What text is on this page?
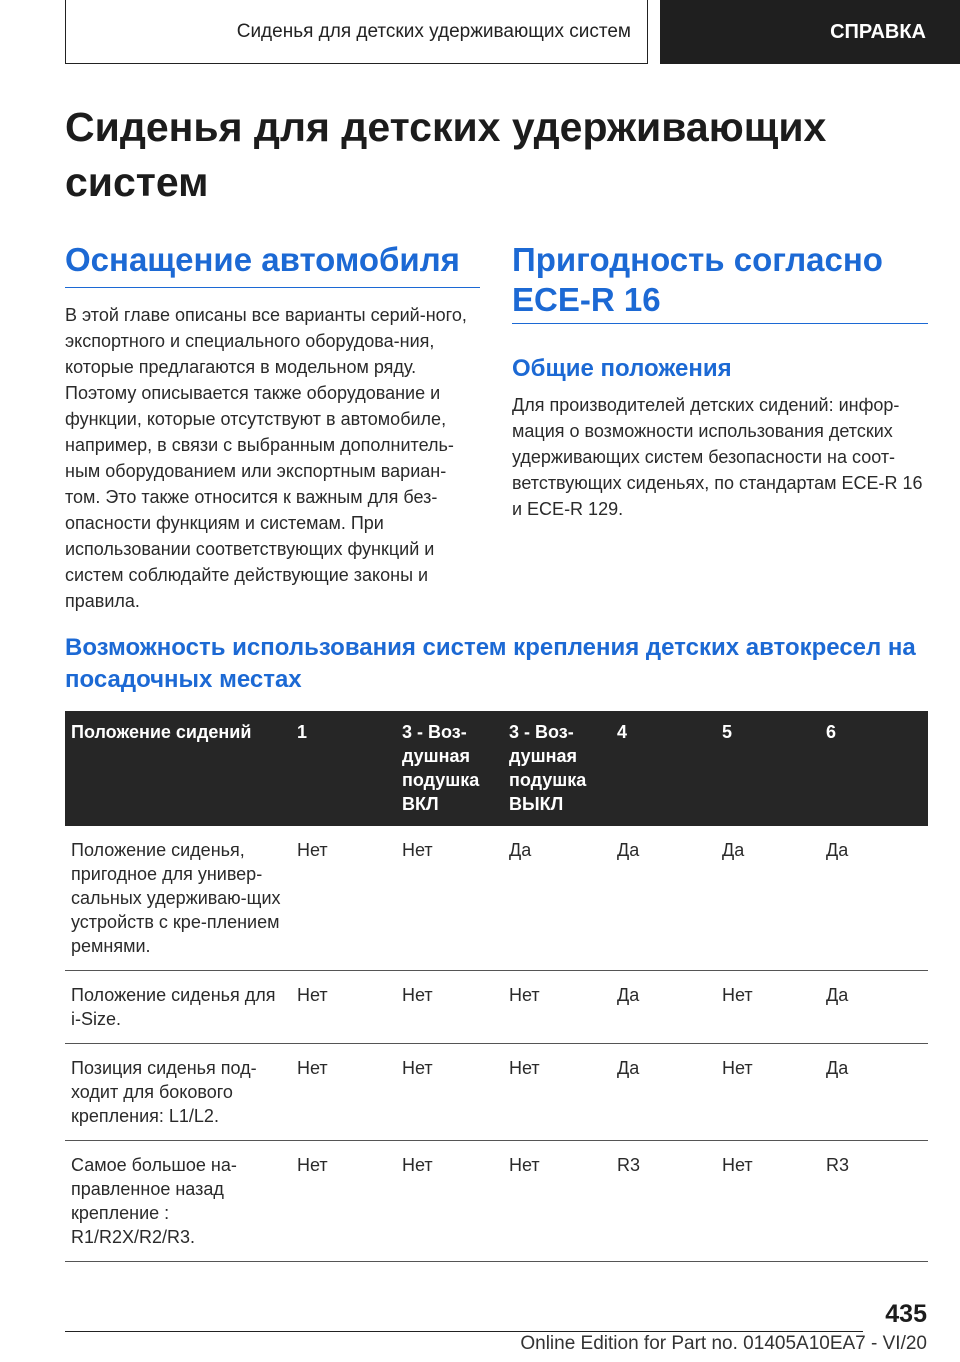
Сиденья для детских удерживающих систем	СПРАВКА
Сиденья для детских удерживающих систем
Оснащение автомобиля

В этой главе описаны все варианты серий-ного, экспортного и специального оборудова-ния, которые предлагаются в модельном ряду. Поэтому описывается также оборудование и функции, которые отсутствуют в автомобиле, например, в связи с выбранным дополнитель-ным оборудованием или экспортным вариан-том. Это также относится к важным для без-опасности функциям и системам. При использовании соответствующих функций и систем соблюдайте действующие законы и правила.

Пригодность согласно ECE-R 16
Общие положения

Для производителей детских сидений: инфор-мация о возможности использования детских удерживающих систем безопасности на соот-ветствующих сиденьях, по стандартам ECE-R 16 и ECE-R 129.

Возможность использования систем крепления детских автокресел на посадочных местах
Положение сидений	1	3 - Воз-душная подушка ВКЛ	3 - Воз-душная подушка ВЫКЛ	4	5	6
Положение сиденья, пригодное для универ-сальных удерживаю-щих устройств с кре-плением ремнями.	Нет	Нет	Да	Да	Да	Да
Положение сиденья для i-Size.	Нет	Нет	Нет	Да	Нет	Да
Позиция сиденья под-ходит для бокового крепления: L1/L2.	Нет	Нет	Нет	Да	Нет	Да
Самое большое на-правленное назад крепление : R1/R2X/R2/R3.	Нет	Нет	Нет	R3	Нет	R3
435
Online Edition for Part no. 01405A10EA7 - VI/20
